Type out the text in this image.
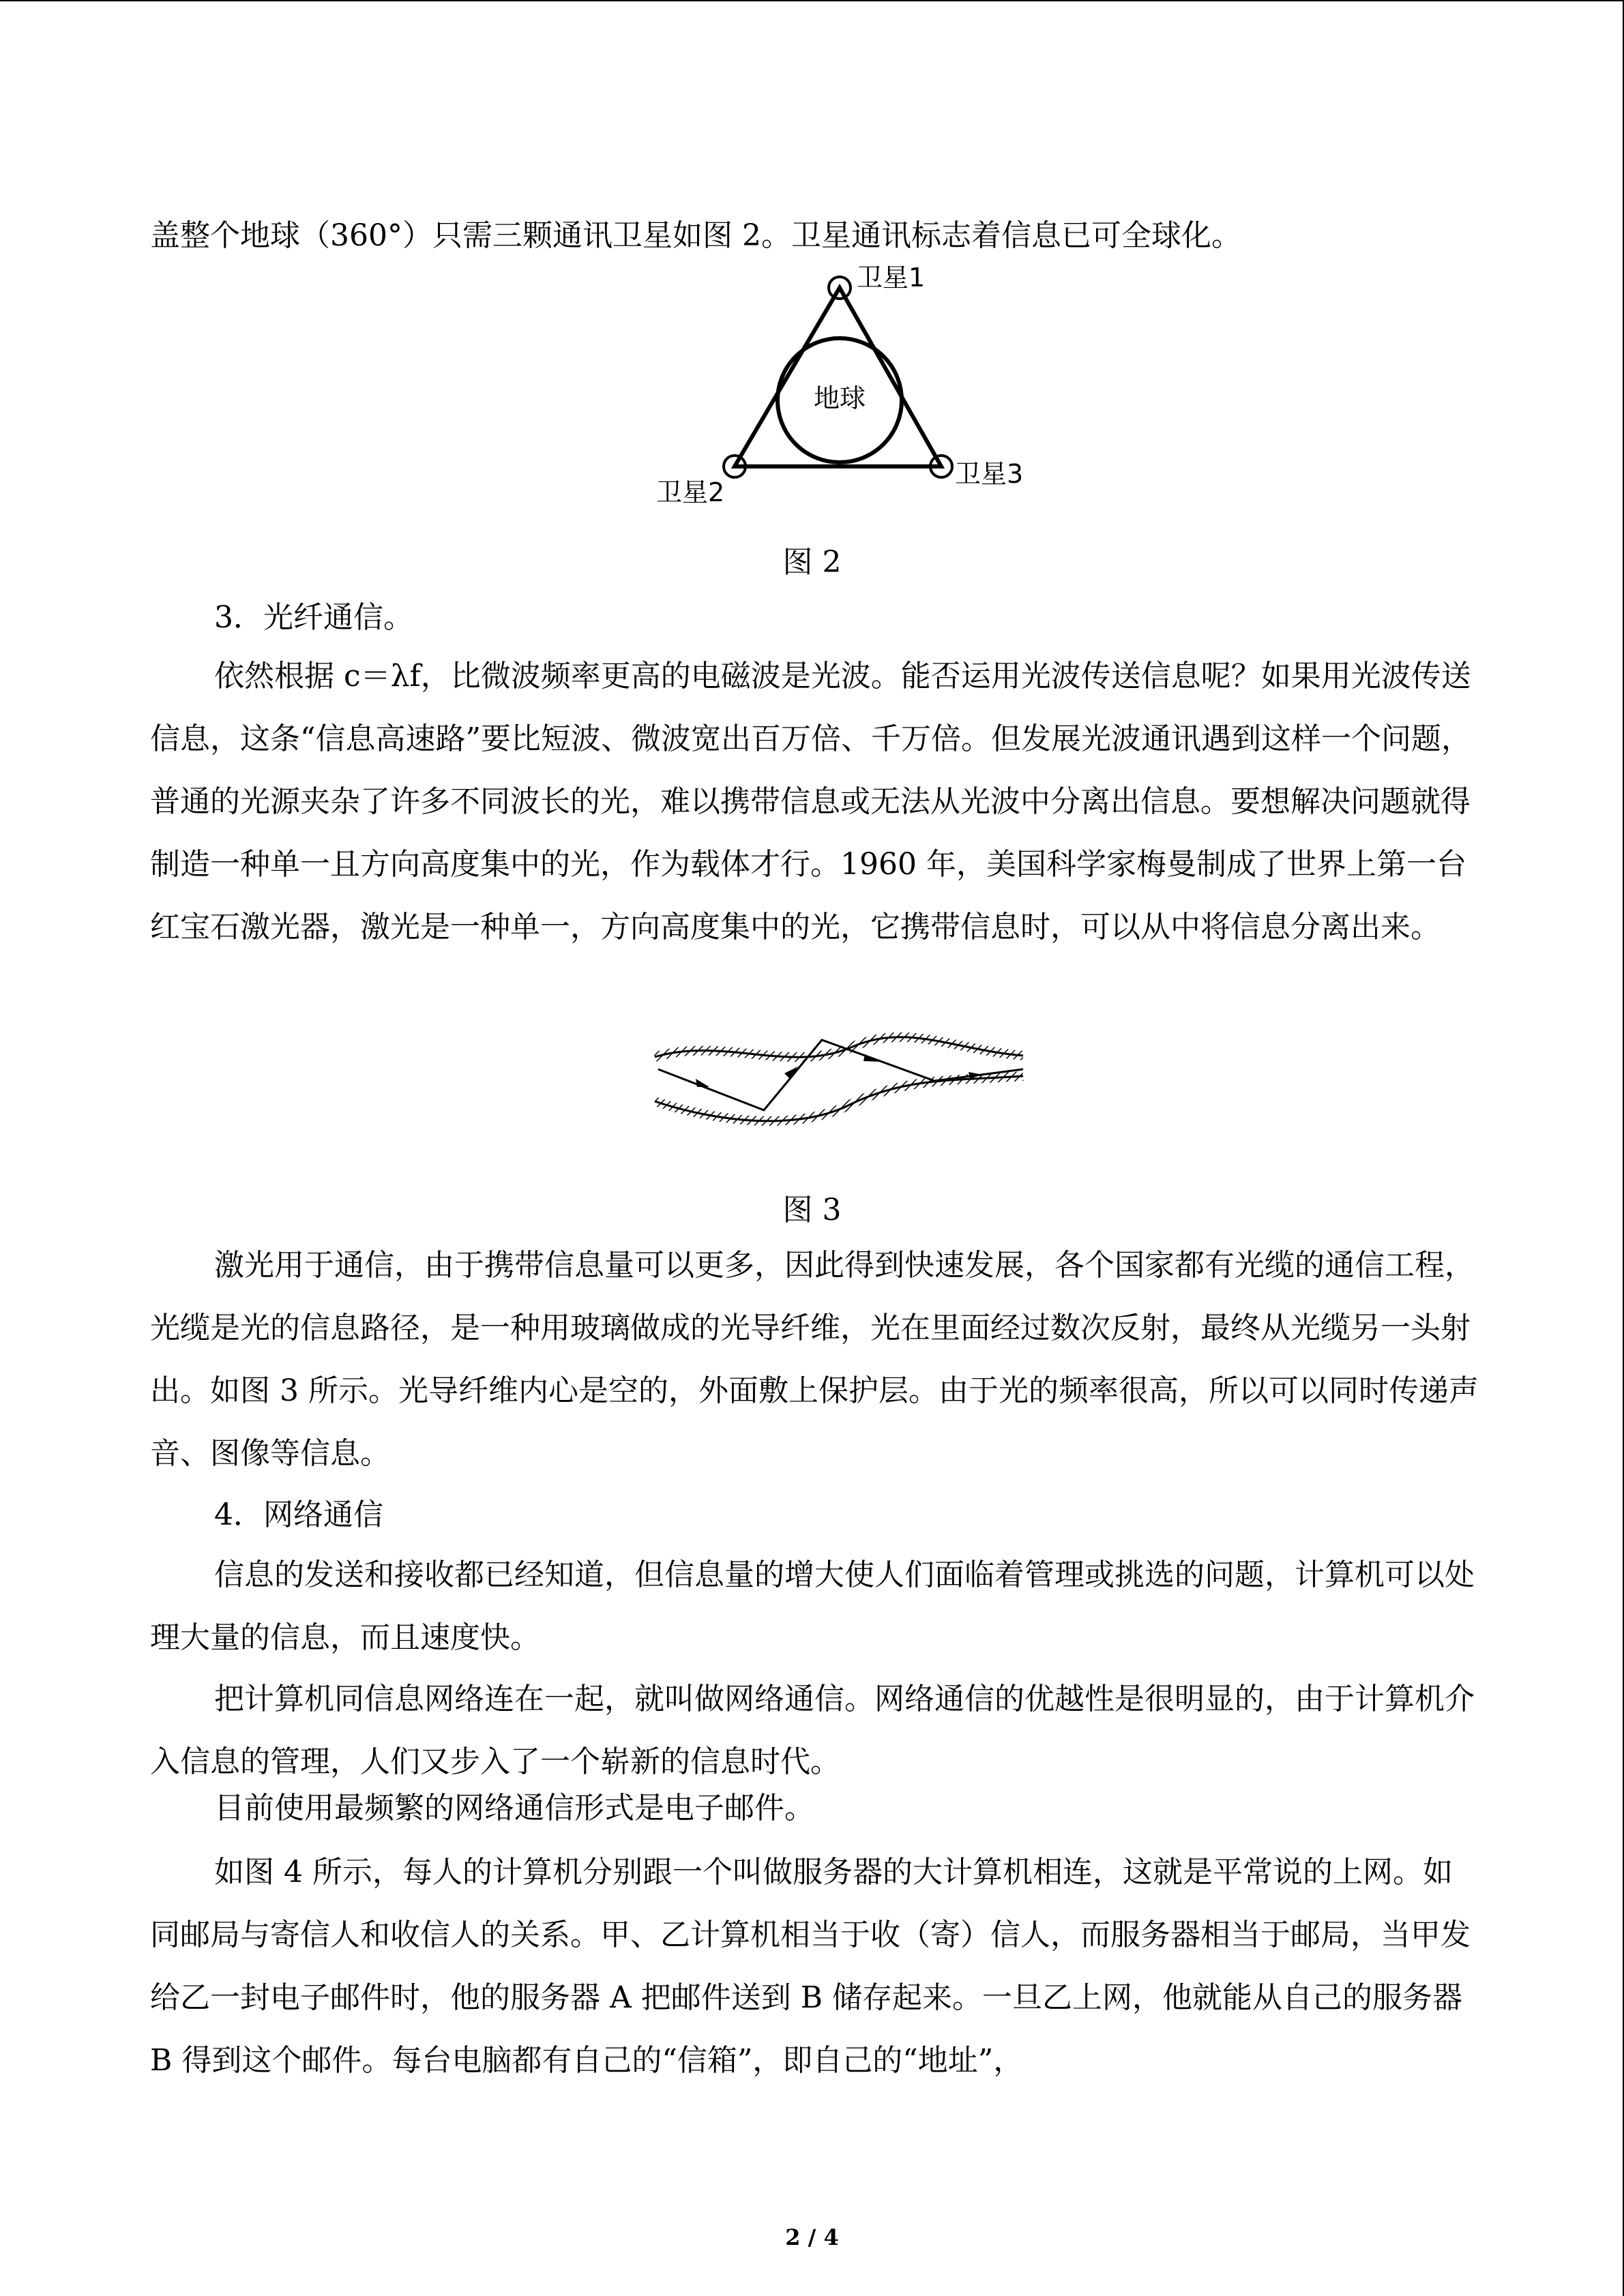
盖整个地球（360°）只需三颗通讯卫星如图 2。卫星通讯标志着信息已可全球化。

地球
卫星1
卫星2
卫星3

图 2

3．光纤通信。

依然根据 c＝λf，比微波频率更高的电磁波是光波。能否运用光波传送信息呢？如果用光波传送信息，这条“信息高速路”要比短波、微波宽出百万倍、千万倍。但发展光波通讯遇到这样一个问题，普通的光源夹杂了许多不同波长的光，难以携带信息或无法从光波中分离出信息。要想解决问题就得制造一种单一且方向高度集中的光，作为载体才行。1960 年，美国科学家梅曼制成了世界上第一台红宝石激光器，激光是一种单一，方向高度集中的光，它携带信息时，可以从中将信息分离出来。

图 3

激光用于通信，由于携带信息量可以更多，因此得到快速发展，各个国家都有光缆的通信工程，光缆是光的信息路径，是一种用玻璃做成的光导纤维，光在里面经过数次反射，最终从光缆另一头射出。如图 3 所示。光导纤维内心是空的，外面敷上保护层。由于光的频率很高，所以可以同时传递声音、图像等信息。

4．网络通信

信息的发送和接收都已经知道，但信息量的增大使人们面临着管理或挑选的问题，计算机可以处理大量的信息，而且速度快。

把计算机同信息网络连在一起，就叫做网络通信。网络通信的优越性是很明显的，由于计算机介入信息的管理，人们又步入了一个崭新的信息时代。

目前使用最频繁的网络通信形式是电子邮件。

如图 4 所示，每人的计算机分别跟一个叫做服务器的大计算机相连，这就是平常说的上网。如同邮局与寄信人和收信人的关系。甲、乙计算机相当于收（寄）信人，而服务器相当于邮局，当甲发给乙一封电子邮件时，他的服务器 A 把邮件送到 B 储存起来。一旦乙上网，他就能从自己的服务器 B 得到这个邮件。每台电脑都有自己的“信箱”，即自己的“地址”，

2 / 4
